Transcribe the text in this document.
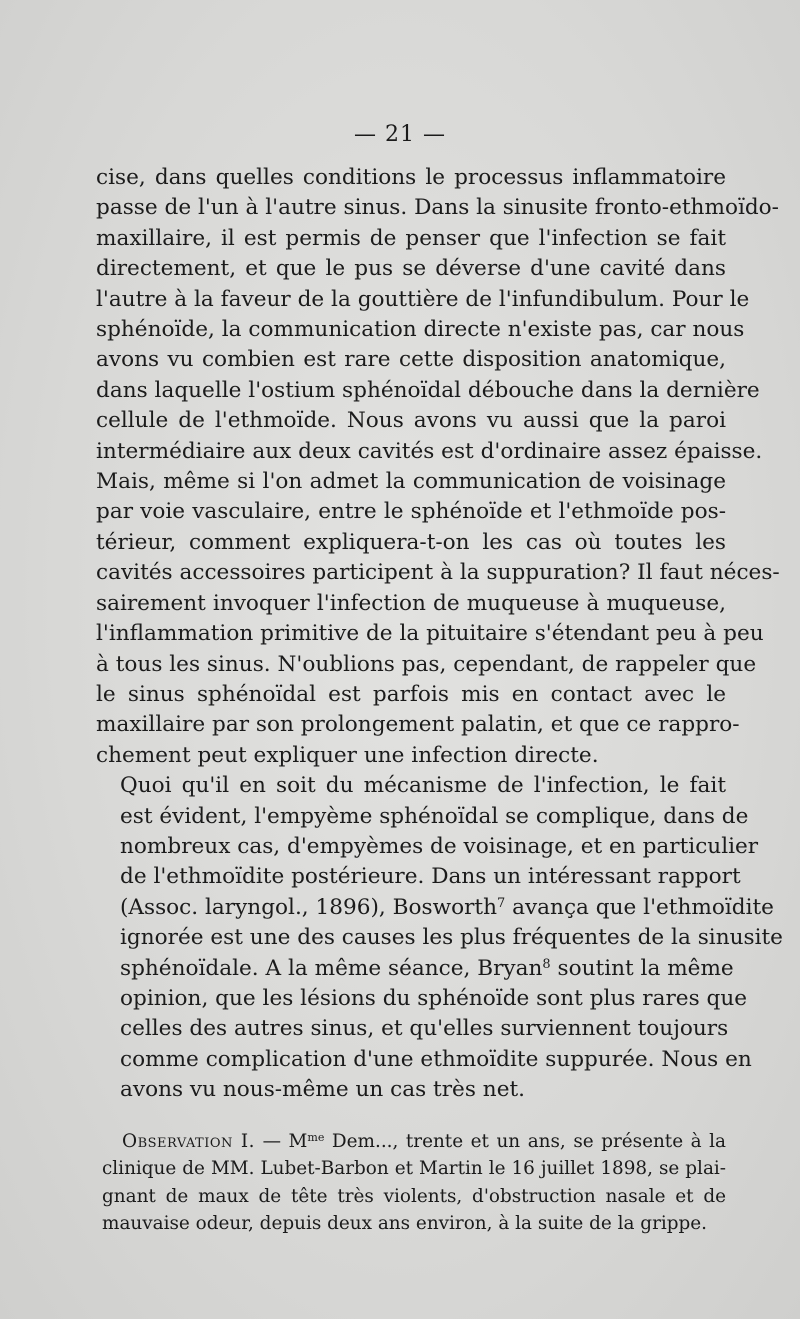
— 21 —

cise, dans quelles conditions le processus inflammatoire
passe de l'un à l'autre sinus. Dans la sinusite fronto-ethmoïdo-
maxillaire, il est permis de penser que l'infection se fait
directement, et que le pus se déverse d'une cavité dans
l'autre à la faveur de la gouttière de l'infundibulum. Pour le
sphénoïde, la communication directe n'existe pas, car nous
avons vu combien est rare cette disposition anatomique,
dans laquelle l'ostium sphénoïdal débouche dans la dernière
cellule de l'ethmoïde. Nous avons vu aussi que la paroi
intermédiaire aux deux cavités est d'ordinaire assez épaisse.
Mais, même si l'on admet la communication de voisinage
par voie vasculaire, entre le sphénoïde et l'ethmoïde pos-
térieur, comment expliquera-t-on les cas où toutes les
cavités accessoires participent à la suppuration? Il faut néces-
sairement invoquer l'infection de muqueuse à muqueuse,
l'inflammation primitive de la pituitaire s'étendant peu à peu
à tous les sinus. N'oublions pas, cependant, de rappeler que
le sinus sphénoïdal est parfois mis en contact avec le
maxillaire par son prolongement palatin, et que ce rappro-
chement peut expliquer une infection directe.

Quoi qu'il en soit du mécanisme de l'infection, le fait
est évident, l'empyème sphénoïdal se complique, dans de
nombreux cas, d'empyèmes de voisinage, et en particulier
de l'ethmoïdite postérieure. Dans un intéressant rapport
(Assoc. laryngol., 1896), Bosworth$^7$ avança que l'ethmoïdite
ignorée est une des causes les plus fréquentes de la sinusite
sphénoïdale. A la même séance, Bryan$^8$ soutint la même
opinion, que les lésions du sphénoïde sont plus rares que
celles des autres sinus, et qu'elles surviennent toujours
comme complication d'une ethmoïdite suppurée. Nous en
avons vu nous-même un cas très net.

Observation I. — $M^{me}$ Dem..., trente et un ans, se présente à la
clinique de MM. Lubet-Barbon et Martin le 16 juillet 1898, se plai-
gnant de maux de tête très violents, d'obstruction nasale et de
mauvaise odeur, depuis deux ans environ, à la suite de la grippe.
